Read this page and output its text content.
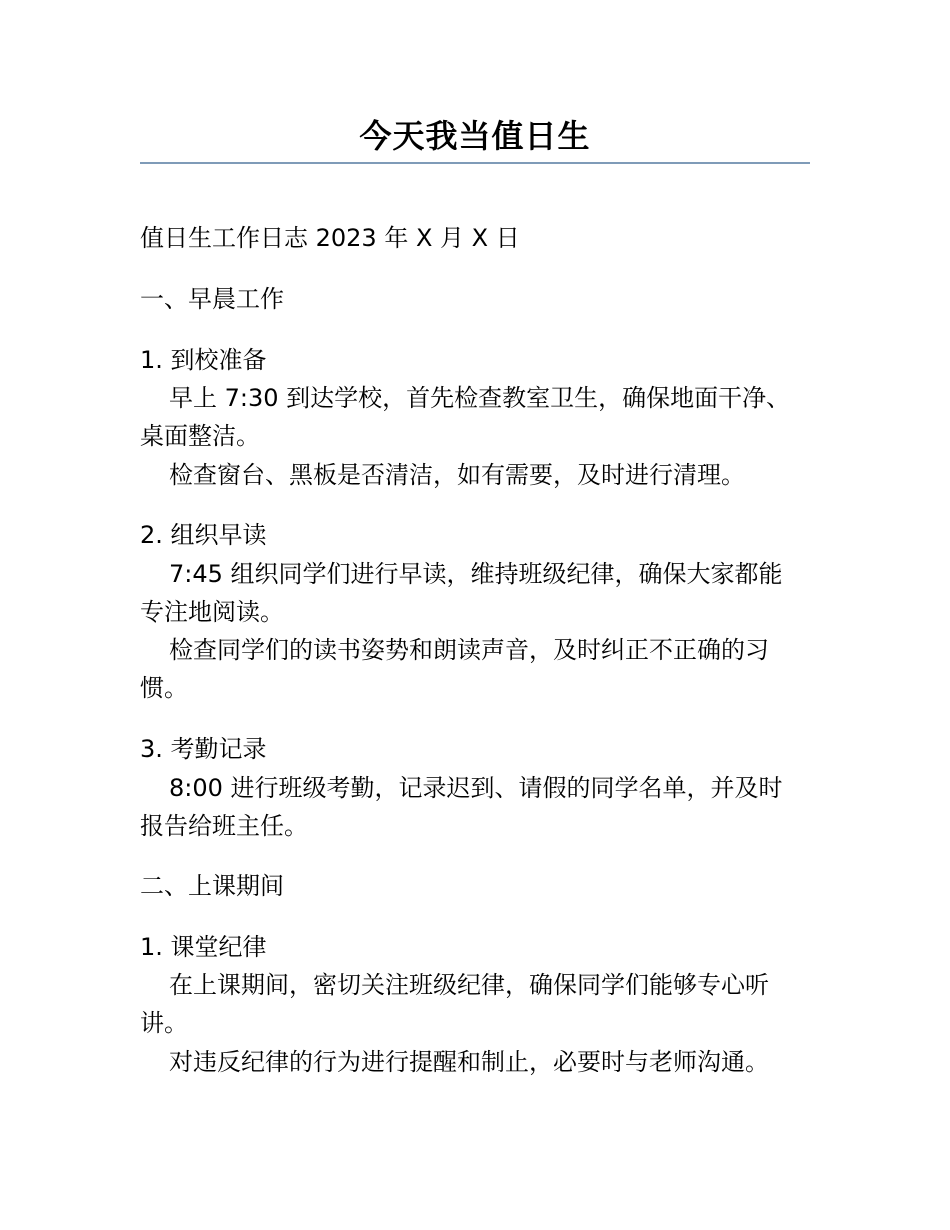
今天我当值日生
值日生工作日志 2023 年 X 月 X 日
一、早晨工作
1. 到校准备
早上 7:30 到达学校，首先检查教室卫生，确保地面干净、
桌面整洁。
检查窗台、黑板是否清洁，如有需要，及时进行清理。
2. 组织早读
7:45 组织同学们进行早读，维持班级纪律，确保大家都能
专注地阅读。
检查同学们的读书姿势和朗读声音，及时纠正不正确的习
惯。
3. 考勤记录
8:00 进行班级考勤，记录迟到、请假的同学名单，并及时
报告给班主任。
二、上课期间
1. 课堂纪律
在上课期间，密切关注班级纪律，确保同学们能够专心听
讲。
对违反纪律的行为进行提醒和制止，必要时与老师沟通。
